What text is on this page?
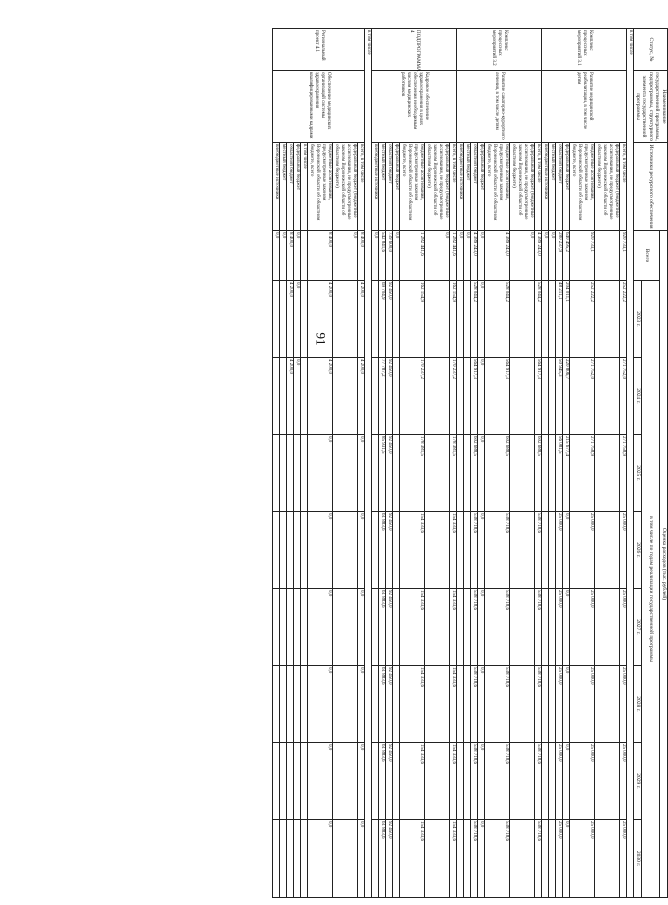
91
Статус, №	Наименование государственной программы, подпрограммы, структурного элемента государственной программы	Источники ресурсного обеспечения	Оценка расходов (тыс. рублей)								
			Всего	в том числе по годам реализации государственной программы							
				2023 г.	2024 г.	2025 г.	2026 г.	2027 г.	2028 г.	2029 г.	2030 г.
в том числе											
Комплекс процессных мероприятий 3.1	Развитие медицинской реабилитации, в том числе детям	всего, в том числе	920 733,1	252 222,2	271 752,0	271 758,9	25 000,0	25 000,0	25 000,0	25 000,0	25 000,0
		федеральный бюджет (бюджетные ассигнования, не предусмотренные законом Воронежской области об областном бюджете)									
		бюджетные ассигнования, предусмотренные законом Воронежской области об областном бюджете, всего	920 733,1	252 222,2	271 752,0	271 758,9	25 000,0	25 000,0	25 000,0	25 000,0	25 000,0
		федеральный бюджет	640 495,2	204 011,1	220 806,7	215 677,4	0,0	0,0	0,0	0,0	0,0
		областной бюджет	280 237,9	48 211,1	50 945,3	56 081,5	25 000,0	25 000,0	25 000,0	25 000,0	25 000,0
		местный бюджет	0,0								
		внебюджетные источники	0,0								
Комплекс процессных мероприятий 3.2	Развитие санаторно-курортного лечения, в том числе детям	всего, в том числе	4 389 243,0	528 044,2	564 917,3	602 688,5	538 718,6	538 718,6	538 718,6	538 718,6	538 718,6
		федеральный бюджет (бюджетные ассигнования, не предусмотренные законом Воронежской области об областном бюджете)	0,0								
		бюджетные ассигнования, предусмотренные законом Воронежской области об областном бюджете, всего	4 389 243,0	528 044,2	564 917,3	602 688,5	538 718,6	538 718,6	538 718,6	538 718,6	538 718,6
		федеральный бюджет	0,0	0,0	0,0	0,0	0,0	0,0	0,0	0,0	0,0
		областной бюджет	4 389 243,0	528 044,2	564 917,3	602 688,5	538 718,6	538 718,6	538 718,6	538 718,6	538 718,6
		местный бюджет	0,0								
		внебюджетные источники	0,0								
ПОДПРОГРАММА 4	Кадровое обеспечение здравоохранения в целях обеспечения необходимым числом медицинских работников	всего, в том числе	1 282 441,6	162 154,9	170 237,2	178 381,5	154 333,6	154 333,6	154 333,6	154 333,6	154 333,6
		федеральный бюджет (бюджетные ассигнования, не предусмотренные законом Воронежской области об областном бюджете)	0,0								
		бюджетные ассигнования, предусмотренные законом Воронежской области об областном бюджете, всего	1 282 441,6	162 154,9	170 237,2	178 381,5	154 333,6	154 333,6	154 333,6	154 333,6	154 333,6
		федеральный бюджет	0,0								
		областной бюджет	739 600,0	92 450,0	92 450,0	92 450,0	92 450,0	92 450,0	92 450,0	92 450,0	92 450,0
		местный бюджет	542 841,6	69 704,9	77 787,2	85 931,5	61 883,6	61 883,6	61 883,6	61 883,6	61 883,6
		внебюджетные источники	0,0								
в том числе											
Региональный проект 4.1	Обеспечение медицинских организаций системы здравоохранения квалифицированными кадрами	всего, в том числе	8 400,0	4 200,0	4 200,0	0,0	0,0	0,0	0,0	0,0	0,0
		федеральный бюджет (бюджетные ассигнования, не предусмотренные законом Воронежской области об областном бюджете)	0,0								
		бюджетные ассигнования, предусмотренные законом Воронежской области об областном бюджете, всего	8 400,0	4 200,0	4 200,0	0,0	0,0	0,0	0,0	0,0	0,0
		в том числе									
		федеральный бюджет	0,0	0,0	0,0						
		областной бюджет	8 400,0	4 200,0	4 200,0						
		местный бюджет	0,0								
		внебюджетные источники	0,0								
